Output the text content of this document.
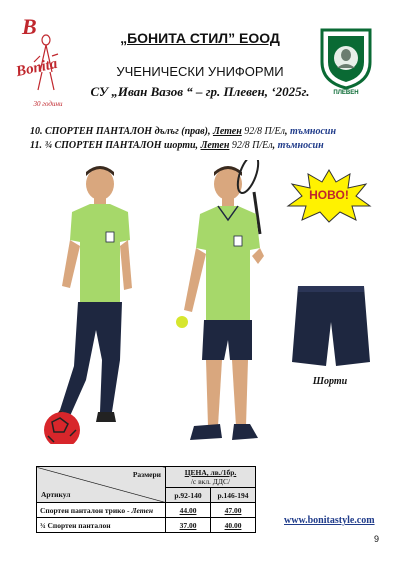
B
Bonita
30 години
„БОНИТА СТИЛ” ЕООД
УЧЕНИЧЕСКИ УНИФОРМИ
СУ „Иван Вазов “ – гр. Плевен, ‘2025г.	ПЛЕВЕН
10. СПОРТЕН ПАНТАЛОН дълъг (прав), Летен 92/8 П/Ел, тъмносин
11. ¾ СПОРТЕН ПАНТАЛОН шорти, Летен 92/8 П/Ел, тъмносин
НОВО!
Шорти
Размери
Артикул	ЦЕНА, лв./1бр.
/с вкл. ДДС/	
	р.92-140	р.146-194
Спортен панталон трико - Летен	44.00	47.00
¾ Спортен панталон	37.00	40.00	www.bonitastyle.com
9
